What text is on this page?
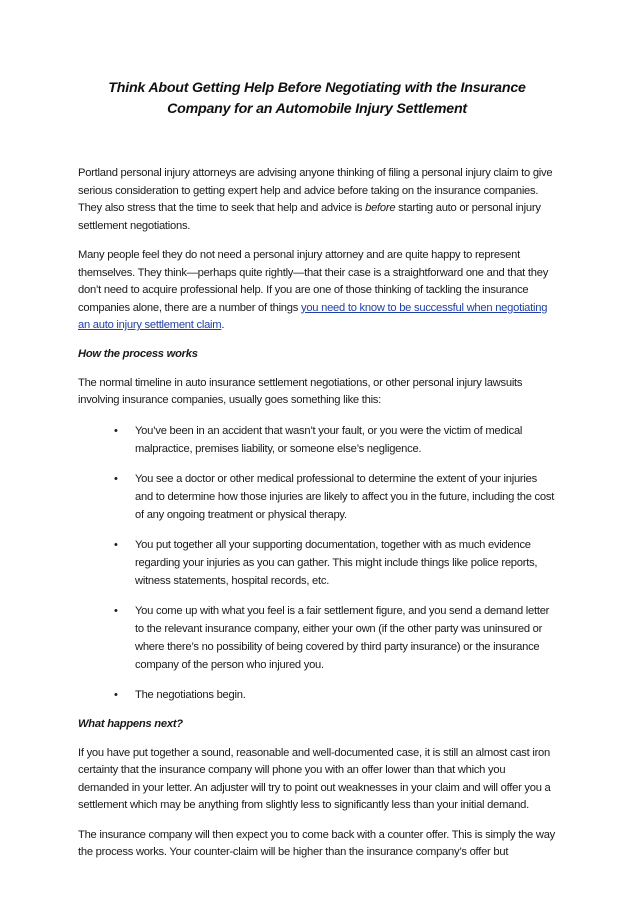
Think About Getting Help Before Negotiating with the Insurance
Company for an Automobile Injury Settlement

Portland personal injury attorneys are advising anyone thinking of filing a personal injury claim to give serious consideration to getting expert help and advice before taking on the insurance companies. They also stress that the time to seek that help and advice is before starting auto or personal injury settlement negotiations.

Many people feel they do not need a personal injury attorney and are quite happy to represent themselves. They think—perhaps quite rightly—that their case is a straightforward one and that they don’t need to acquire professional help. If you are one of those thinking of tackling the insurance companies alone, there are a number of things you need to know to be successful when negotiating an auto injury settlement claim.

How the process works

The normal timeline in auto insurance settlement negotiations, or other personal injury lawsuits involving insurance companies, usually goes something like this:

• You’ve been in an accident that wasn’t your fault, or you were the victim of medical malpractice, premises liability, or someone else’s negligence.
• You see a doctor or other medical professional to determine the extent of your injuries and to determine how those injuries are likely to affect you in the future, including the cost of any ongoing treatment or physical therapy.
• You put together all your supporting documentation, together with as much evidence regarding your injuries as you can gather. This might include things like police reports, witness statements, hospital records, etc.
• You come up with what you feel is a fair settlement figure, and you send a demand letter to the relevant insurance company, either your own (if the other party was uninsured or where there’s no possibility of being covered by third party insurance) or the insurance company of the person who injured you.
• The negotiations begin.
What happens next?

If you have put together a sound, reasonable and well-documented case, it is still an almost cast iron certainty that the insurance company will phone you with an offer lower than that which you demanded in your letter. An adjuster will try to point out weaknesses in your claim and will offer you a settlement which may be anything from slightly less to significantly less than your initial demand.

The insurance company will then expect you to come back with a counter offer. This is simply the way the process works. Your counter-claim will be higher than the insurance company’s offer but
